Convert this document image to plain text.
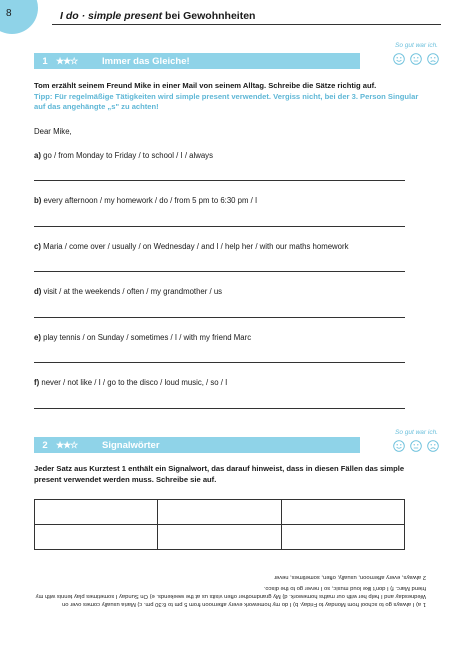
8	I do · simple present bei Gewohnheiten
So gut war ich.
1 ★★☆	Immer das Gleiche!
Tom erzählt seinem Freund Mike in einer Mail von seinem Alltag. Schreibe die Sätze richtig auf.
Tipp: Für regelmäßige Tätigkeiten wird simple present verwendet. Vergiss nicht, bei der 3. Person Singular auf das angehängte „s" zu achten!
Dear Mike,
a) go / from Monday to Friday / to school / I / always
b) every afternoon / my homework / do / from 5 pm to 6:30 pm / I
c) Maria / come over / usually / on Wednesday / and I / help her / with our maths homework
d) visit / at the weekends / often / my grandmother / us
e) play tennis / on Sunday / sometimes / I / with my friend Marc
f) never / not like / I / go to the disco / loud music, / so / I
So gut war ich.
2 ★★☆	Signalwörter
Jeder Satz aus Kurztest 1 enthält ein Signalwort, das darauf hinweist, dass in diesen Fällen das simple present verwendet werden muss. Schreibe sie auf.

1 a) I always go to school from Monday to Friday. b) I do my homework every afternoon from 5 pm to 6:30 pm. c) Maria usually comes over on Wednesday and I help her with our maths homework. d) My grandmother often visits us at the weekends. e) On Sunday I sometimes play tennis with my friend Marc. f) I don't like loud music, so I never go to the disco.
2 always, every afternoon, usually, often, sometimes, never
